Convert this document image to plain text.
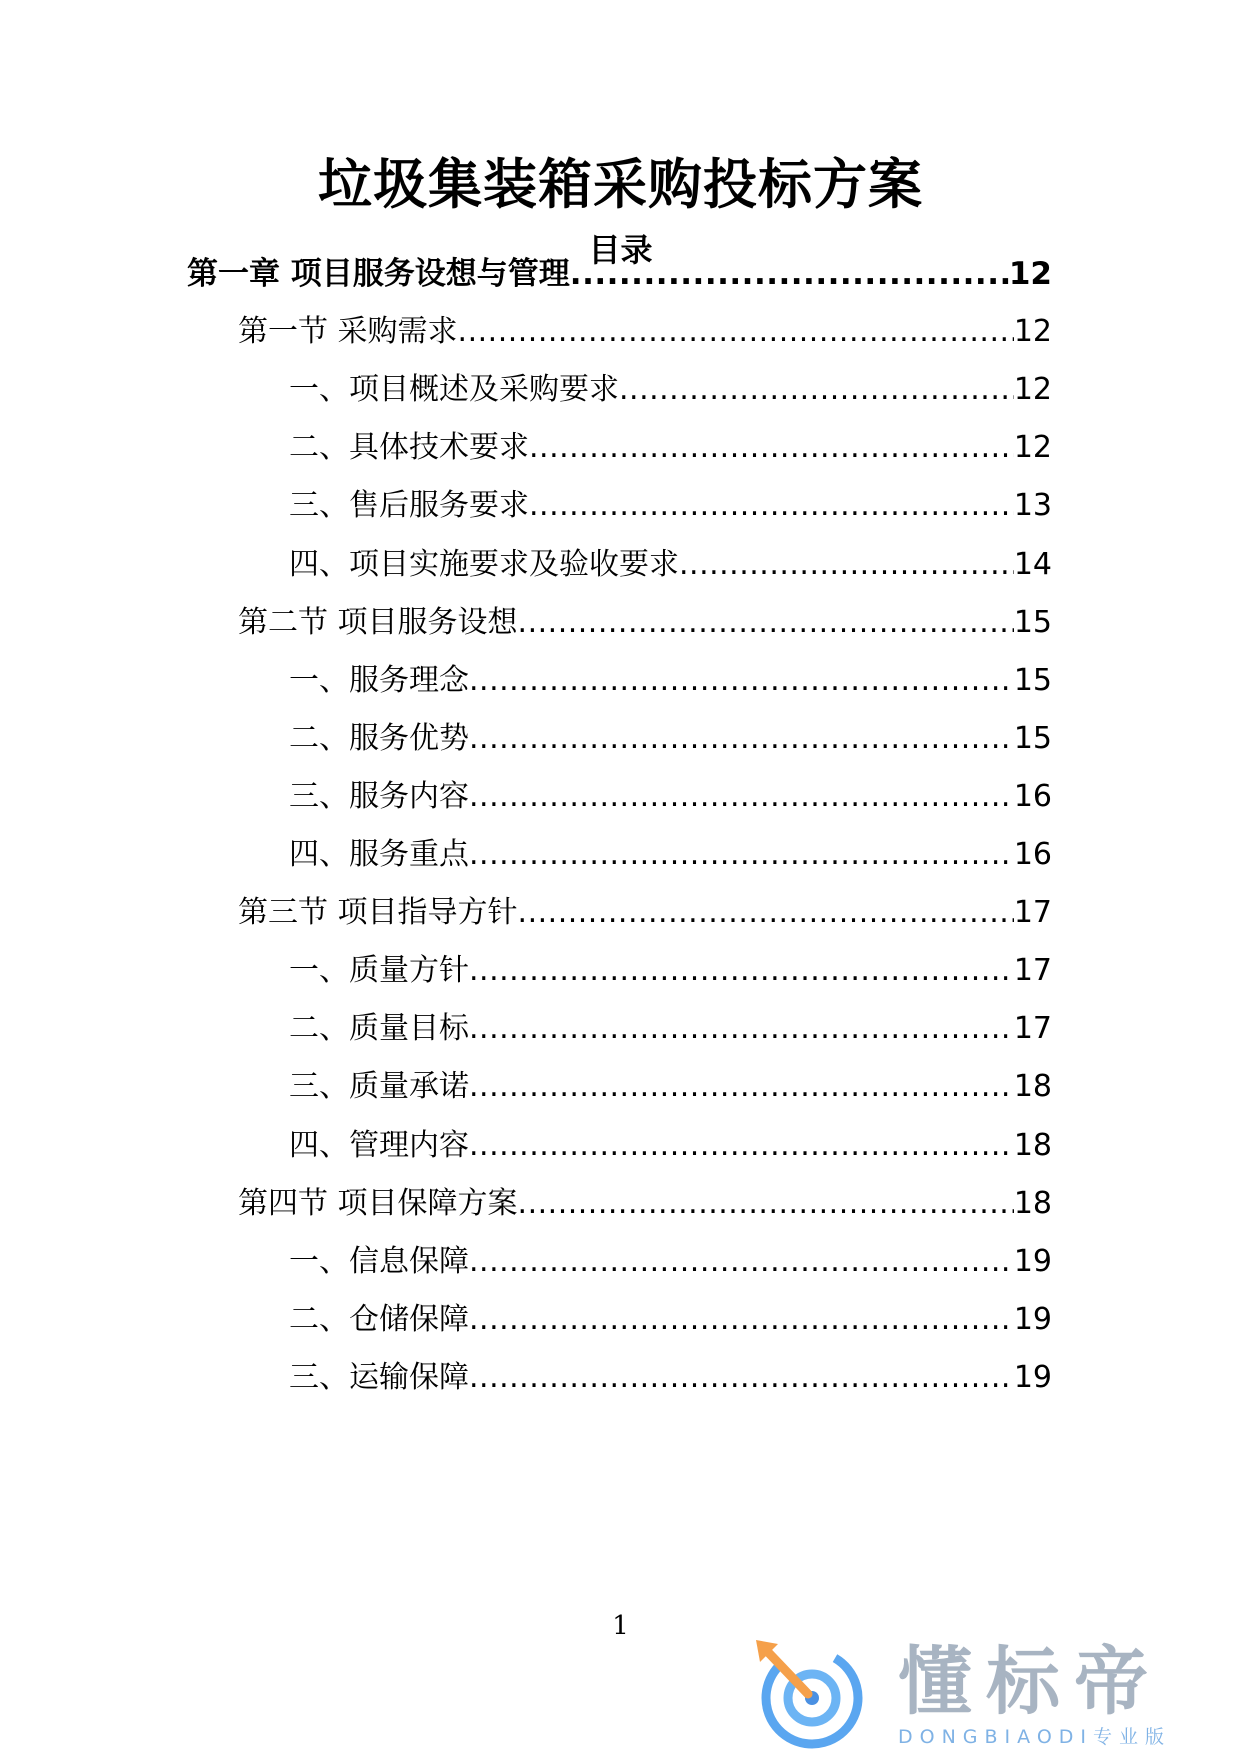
垃圾集装箱采购投标方案
目录
第一章 项目服务设想与管理 .....	12
第一节 采购需求 .....	12
一、项目概述及采购要求 .....	12
二、具体技术要求 .....	12
三、售后服务要求 .....	13
四、项目实施要求及验收要求 .....	14
第二节 项目服务设想 .....	15
一、服务理念 .....	15
二、服务优势 .....	15
三、服务内容 .....	16
四、服务重点 .....	16
第三节 项目指导方针 .....	17
一、质量方针 .....	17
二、质量目标 .....	17
三、质量承诺 .....	18
四、管理内容 .....	18
第四节 项目保障方案 .....	18
一、信息保障 .....	19
二、仓储保障 .....	19
三、运输保障 .....	19
1
懂标帝
DONGBIAODI专业版
